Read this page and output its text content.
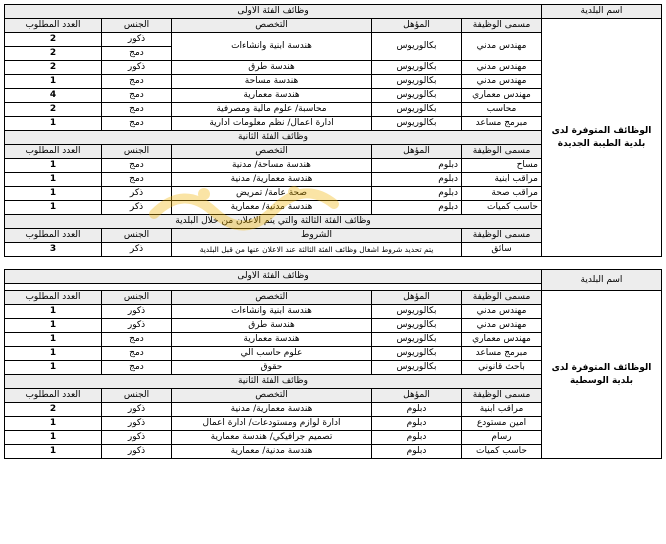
اسم البلدية	وظائف الفئة الاولى				
الوظائف المتوفرة لدى بلدية الطيبة الجديدة	مسمى الوظيفة	المؤهل	التخصص	الجنس	العدد المطلوب
	مهندس مدني	بكالوريوس	هندسة ابنية وانشاءات	ذكور	2
				دمج	2
	مهندس مدني	بكالوريوس	هندسة طرق	ذكور	2
	مهندس مدني	بكالوريوس	هندسة مساحة	دمج	1
	مهندس معماري	بكالوريوس	هندسة معمارية	دمج	4
	محاسب	بكالوريوس	محاسبة/ علوم مالية ومصرفية	دمج	2
	مبرمج مساعد	بكالوريوس	ادارة اعمال/ نظم معلومات ادارية	دمج	1
	وظائف الفئة الثانية				
	مسمى الوظيفة	المؤهل	التخصص	الجنس	العدد المطلوب
	مساح	دبلوم	هندسة مساحة/ مدنية	دمج	1
	مراقب ابنية	دبلوم	هندسة معمارية/ مدنية	دمج	1
	مراقب صحة	دبلوم	صحة عامة/ تمريض	ذكر	1
	حاسب كميات	دبلوم	هندسة مدنية/ معمارية	ذكر	1
	وظائف الفئة الثالثة والتي يتم الاعلان من خلال البلدية				
	مسمى الوظيفة	الشروط		الجنس	العدد المطلوب
	سائق	يتم تحديد شروط اشغال وظائف الفئة الثالثة عند الاعلان عنها من قبل البلدية		ذكر	3
اسم البلدية	وظائف الفئة الاولى				

الوظائف المتوفرة لدى بلدية الوسطية	مسمى الوظيفة	المؤهل	التخصص	الجنس	العدد المطلوب
	مهندس مدني	بكالوريوس	هندسة ابنية وانشاءات	ذكور	1
	مهندس مدني	بكالوريوس	هندسة طرق	ذكور	1
	مهندس معماري	بكالوريوس	هندسة معمارية	دمج	1
	مبرمج مساعد	بكالوريوس	علوم حاسب الي	دمج	1
	باحث قانوني	بكالوريوس	حقوق	دمج	1
	وظائف الفئة الثانية				
	مسمى الوظيفة	المؤهل	التخصص	الجنس	العدد المطلوب
	مراقب ابنية	دبلوم	هندسة معمارية/ مدنية	ذكور	2
	امين مستودع	دبلوم	ادارة لوازم ومستودعات/ ادارة اعمال	ذكور	1
	رسام	دبلوم	تصميم جرافيكي/ هندسة معمارية	ذكور	1
	حاسب كميات	دبلوم	هندسة مدنية/ معمارية	ذكور	1
